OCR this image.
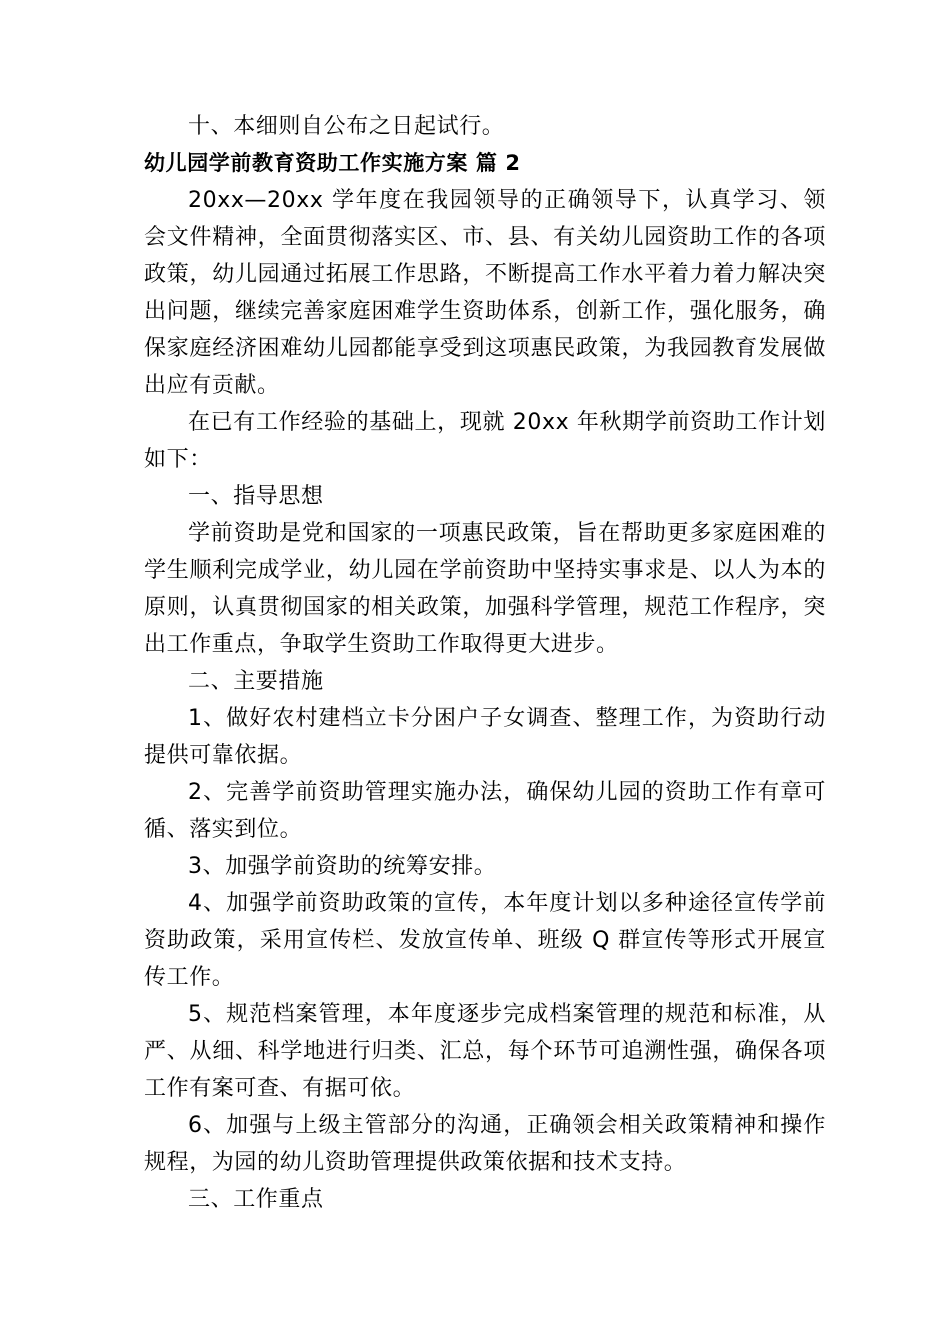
十、本细则自公布之日起试行。

幼儿园学前教育资助工作实施方案 篇 2

20xx—20xx 学年度在我园领导的正确领导下，认真学习、领会文件精神，全面贯彻落实区、市、县、有关幼儿园资助工作的各项政策，幼儿园通过拓展工作思路，不断提高工作水平着力着力解决突出问题，继续完善家庭困难学生资助体系，创新工作，强化服务，确保家庭经济困难幼儿园都能享受到这项惠民政策，为我园教育发展做出应有贡献。

在已有工作经验的基础上，现就 20xx 年秋期学前资助工作计划如下：

一、指导思想

学前资助是党和国家的一项惠民政策，旨在帮助更多家庭困难的学生顺利完成学业，幼儿园在学前资助中坚持实事求是、以人为本的原则，认真贯彻国家的相关政策，加强科学管理，规范工作程序，突出工作重点，争取学生资助工作取得更大进步。

二、主要措施

1、做好农村建档立卡分困户子女调查、整理工作，为资助行动提供可靠依据。

2、完善学前资助管理实施办法，确保幼儿园的资助工作有章可循、落实到位。

3、加强学前资助的统筹安排。

4、加强学前资助政策的宣传，本年度计划以多种途径宣传学前资助政策，采用宣传栏、发放宣传单、班级 Q 群宣传等形式开展宣传工作。

5、规范档案管理，本年度逐步完成档案管理的规范和标准，从严、从细、科学地进行归类、汇总，每个环节可追溯性强，确保各项工作有案可查、有据可依。

6、加强与上级主管部分的沟通，正确领会相关政策精神和操作规程，为园的幼儿资助管理提供政策依据和技术支持。

三、工作重点
